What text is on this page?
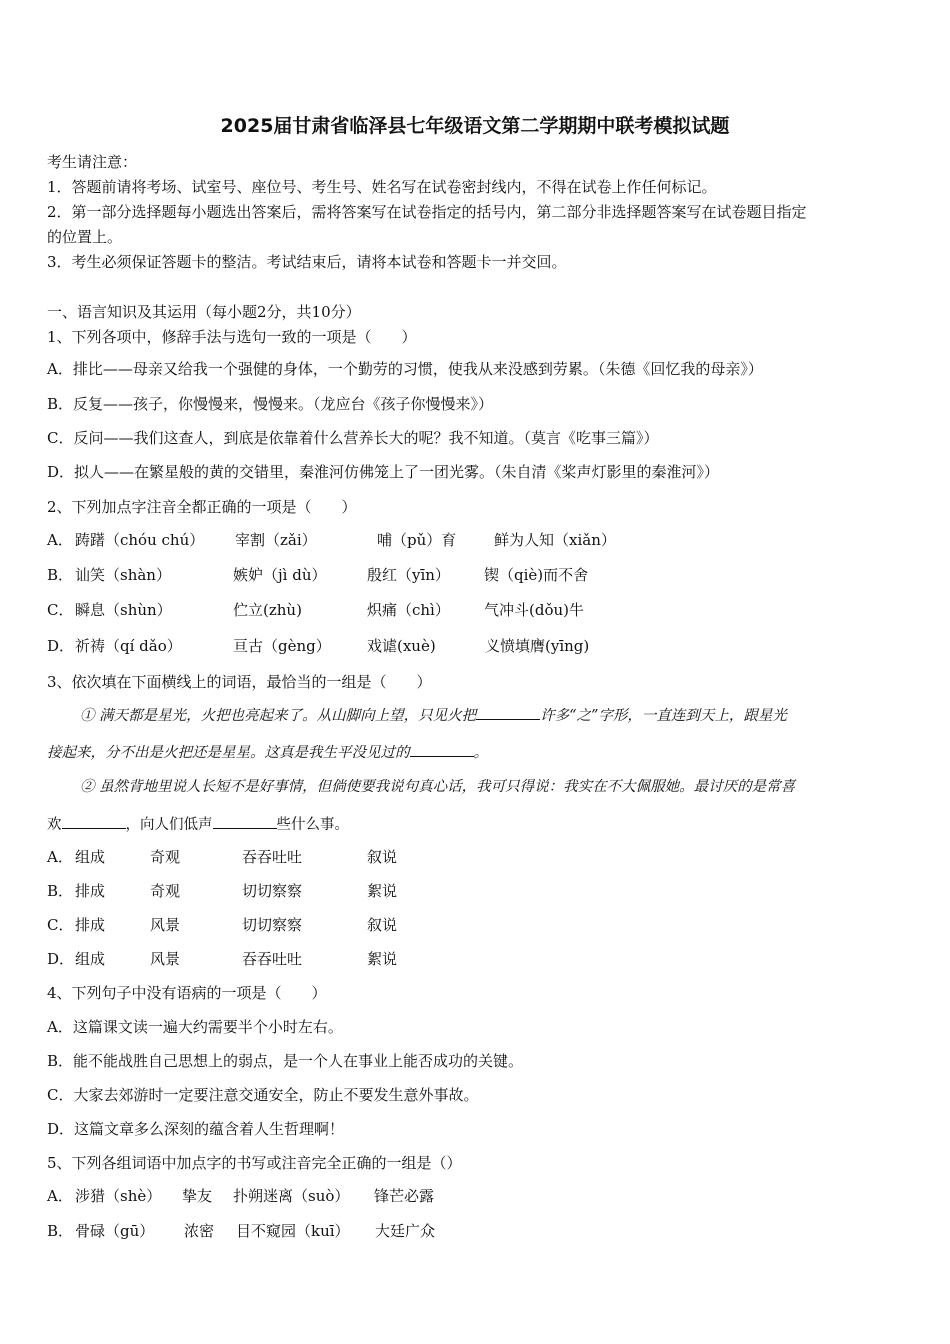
2025届甘肃省临泽县七年级语文第二学期期中联考模拟试题
考生请注意：
1．答题前请将考场、试室号、座位号、考生号、姓名写在试卷密封线内，不得在试卷上作任何标记。
2．第一部分选择题每小题选出答案后，需将答案写在试卷指定的括号内，第二部分非选择题答案写在试卷题目指定
的位置上。
3．考生必须保证答题卡的整洁。考试结束后，请将本试卷和答题卡一并交回。
一、语言知识及其运用（每小题2分，共10分）
1、下列各项中，修辞手法与选句一致的一项是（　　）
A．排比——母亲又给我一个强健的身体，一个勤劳的习惯，使我从来没感到劳累。（朱德《回忆我的母亲》）
B．反复——孩子，你慢慢来，慢慢来。（龙应台《孩子你慢慢来》）
C．反问——我们这查人，到底是依靠着什么营养长大的呢？我不知道。（莫言《吃事三篇》）
D．拟人——在繁星般的黄的交错里，秦淮河仿佛笼上了一团光雾。（朱自清《桨声灯影里的秦淮河》）
2、下列加点字注音全都正确的一项是（　　）
A． 踌躇（chóu chú） 宰割（zǎi）	哺（pǔ）育	鲜为人知（xiǎn）
B． 讪笑（shàn）	嫉妒（jì dù）	殷红（yīn） 锲（qiè)而不舍
C． 瞬息（shùn）	伫立(zhù)	炽痛（chì） 气冲斗(dǒu)牛
D． 祈祷（qí dǎo）	亘古（gèng） 戏谑(xuè)	义愤填膺(yīng)
3、依次填在下面横线上的词语，最恰当的一组是（　　）
① 满天都是星光，火把也亮起来了。从山脚向上望，只见火把	许多“之”字形，一直连到天上，跟星光
接起来，分不出是火把还是星星。这真是我生平没见过的	。
② 虽然背地里说人长短不是好事情，但倘使要我说句真心话，我可只得说：我实在不大佩服她。最讨厌的是常喜
欢	，向人们低声	些什么事。
A． 组成	奇观	吞吞吐吐	叙说
B． 排成	奇观	切切察察	絮说
C． 排成	风景	切切察察	叙说
D． 组成	风景	吞吞吐吐	絮说
4、下列句子中没有语病的一项是（　　）
A．这篇课文读一遍大约需要半个小时左右。
B．能不能战胜自己思想上的弱点，是一个人在事业上能否成功的关键。
C．大家去郊游时一定要注意交通安全，防止不要发生意外事故。
D．这篇文章多么深刻的蕴含着人生哲理啊！
5、下列各组词语中加点字的书写或注音完全正确的一组是（）
A． 涉猎（shè） 挚友 扑朔迷离（suò） 锋芒必露
B． 骨碌（gū） 浓密 目不窥园（kuī） 大廷广众
